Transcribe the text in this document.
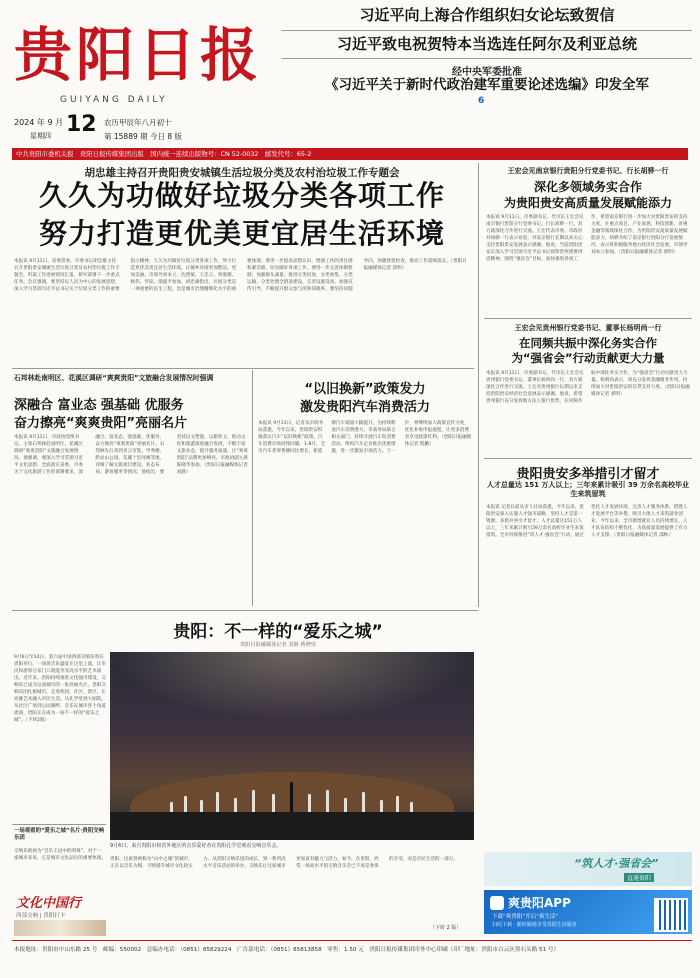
贵阳日报
GUIYANG DAILY
2024 年 9 月
星期四 12 农历甲辰年八月初十
第 15889 期 今日 8 版
中共贵阳市委机关报　贵阳日报传媒集团出版　国内统一连续出版物号：CN 52-0032　邮发代号：65-2
习近平向上海合作组织妇女论坛致贺信
习近平致电祝贺特本当选连任阿尔及利亚总统
经中央军委批准
《习近平关于新时代政治建军重要论述选编》印发全军
6
胡忠雄主持召开贵阳贵安城镇生活垃圾分类及农村治垃圾工作专题会
久久为功做好垃圾分类各项工作
努力打造更优美更宜居生活环境
本报讯 9月11日，省委常委、市委书记胡忠雄主持召开贵阳贵安城镇生活垃圾分类及农村治垃圾工作专题会，听取工作进展情况汇报，研究部署下一步重点任务。会议强调，要坚持以人民为中心的发展思想，深入学习贯彻习近平总书记关于垃圾分类工作的重要指示精神，久久为功做好垃圾分类各项工作，努力打造更优美更宜居生活环境，让城乡环境更加整洁、更加美丽。市领导刘本立、沈建斌、王忠云、周康德、杨伟、罗琼、梁盛平参加。胡忠雄指出，垃圾分类是一项重要的民生工程，也是城市治理精细化水平的重要体现。要进一步提高思想认识，增强工作的责任感和紧迫感，切实做好各项工作。要进一步完善体制机制，加强源头减量，推进分类投放、分类收集、分类运输、分类处理全链条建设，完善设施设备，加强宣传引导，不断提升群众参与度和知晓率。要坚持问题导向，加强督促检查，推动工作落细落实。（贵阳日报融媒体记者 郭明）
王宏会见南京银行贵阳分行党委书记、行长胡骅一行
深化多领域务实合作
为贵阳贵安高质量发展赋能添力
本报讯 9月11日，市委副书记、代市长王宏会见南京银行贵阳分行党委书记、行长胡骅一行，双方就深化合作进行交流。王宏代表市委、市政府对胡骅一行表示欢迎，对南京银行长期以来关心支持贵阳贵安发展表示感谢。他说，当前贵阳贵安正深入学习贯彻习近平总书记视察贵州重要讲话精神，围绕“强省会”目标，加快推进各项工作，希望南京银行进一步加大对贵阳贵安的支持力度，在重点项目、产业发展、科技创新、普惠金融等领域深化合作，为贵阳贵安高质量发展赋能添力。胡骅介绍了南京银行贵阳分行发展情况，表示将积极服务地方经济社会发展。市领导刘本立参加。（贵阳日报融媒体记者 郭明）
王宏会见贵州银行党委书记、董事长杨明尚一行
在同频共振中深化务实合作
为“强省会”行动贡献更大力量
本报讯 9月11日，市委副书记、代市长王宏会见贵州银行党委书记、董事长杨明尚一行，双方就深化合作进行交流。王宏对贵州银行长期以来支持贵阳贵安经济社会发展表示感谢。他说，希望贵州银行充分发挥地方法人银行优势，在同频共振中深化务实合作，为“强省会”行动贡献更大力量。杨明尚表示，将充分发挥金融服务作用，持续加大对贵阳贵安的信贷支持力度。（贵阳日报融媒体记者 郭明）
贵阳贵安多举措引才留才
人才总量达 151 万人以上；三年来累计吸引 39 万余名高校毕业生来筑留筑
本报讯 记者日前从市人社局获悉，今年以来，贵阳贵安深入实施人才强市战略，坚持人才是第一资源，多措并举引才留才，人才总量达151万人以上，三年来累计吸引39万余名高校毕业生来筑留筑。全市持续推进“筑人才·强省会”行动，通过优化人才发展环境、完善人才服务体系、搭建人才发展平台等举措，吸引大批人才来筑就业创业。今年以来，全市新增就业人员持续增长，人才队伍结构不断优化，为高质量发展提供了有力人才支撑。（贵阳日报融媒体记者 邵秋）
石邦林赴南明区、花溪区调研“爽爽贵阳”文旅融合发展情况时强调
深融合 富业态 强基础 优服务
奋力擦亮“爽爽贵阳”亮丽名片
本报讯 9月11日，市政协党组书记、主席石邦林赴南明区、花溪区调研“爽爽贵阳”文旅融合发展情况。他强调，要深入学习贯彻习近平文化思想，全面落实省委、市委关于文化旅游工作的部署要求，深融合、富业态、强基础、优服务，奋力擦亮“爽爽贵阳”亮丽名片。石邦林先后来到青云市集、甲秀楼、黔灵山公园、花溪十里河滩等地，详细了解文旅项目建设、业态布局、游客服务等情况。他指出，要坚持以文塑旅、以旅彰文，推动文化和旅游深度融合发展，不断丰富文旅业态，提升服务质量，让“爽爽贵阳”品牌更加响亮。市政协副主席陈晓华参加。（贵阳日报融媒体记者 刘静）
“以旧换新”政策发力
激发贵阳汽车消费活力
本报讯 9月11日，记者从市商务局获悉，今年以来，贵阳贵安积极落实汽车“以旧换新”政策，汽车消费市场持续回暖。1-8月，全市汽车类零售额同比增长，新能源汽车销量大幅提升。为持续释放汽车消费潜力，市商务局联合相关部门，持续开展汽车促消费活动，组织汽车企业推出优惠措施，进一步激发市场活力。下一步，将继续加大政策宣传力度，优化补贴申报流程，让更多消费者享受政策红利。（贵阳日报融媒体记者 程鹏）
贵阳：不一样的“爱乐之城”
贵阳日报融媒体记者 刘静 蒋晓男
9月6日至14日，第六届中国西部交响乐周在贵阳举行。一场场音乐盛宴在这里上演，让市民和游客在家门口就能享受高水平的艺术演出。近年来，贵阳持续推进文化强市建设，交响乐已成为这座城市的一张亮丽名片。贵阳交响乐团扎根城市，走进校园、社区、景区，让高雅艺术融入市民生活。从孔学堂到大剧院，从社区广场到公园湖畔，音乐在城市各个角落流淌，贵阳正在成为一座不一样的“爱乐之城”。（下转2版）
9月6日，来自贵阳市和省外地区的音乐爱好者在贵阳孔学堂观看交响音乐会。
贵阳，这座曾被称为“山中之城”的城市，正在以音乐为媒，不断提升城市文化软实力。从贵阳交响乐团的成长，到一系列高水平音乐活动的举办，交响乐让这座城市更加富有魅力与活力。如今，在贵阳，欣赏一场高水平的交响音乐会已不再是奢侈的享受，而是市民生活的一部分。
（下转 2 版）
一场观看的“爱乐之城”名片·贵阳交响乐团
交响乐被视为“音乐王冠中的明珠”。对于一座城市来说，它是城市文化品位的重要体现。
文化中国行
西部交响 | 贵阳打卡
“筑人才·强省会”
直通贵阳
爽贵阳APP
下载“爽贵阳”开启“爽生活”
扫码下载 · 随时随地享受贵阳生活服务
本报地址：贵阳市中山东路 25 号　邮编：550002　总编办电话：（0851）85829224　广告部电话：（0851）85813858　零售：1.50 元　贵阳日报传媒集团印务中心印刷（印厂地址：贵阳市白云区黑石头路 51 号）
